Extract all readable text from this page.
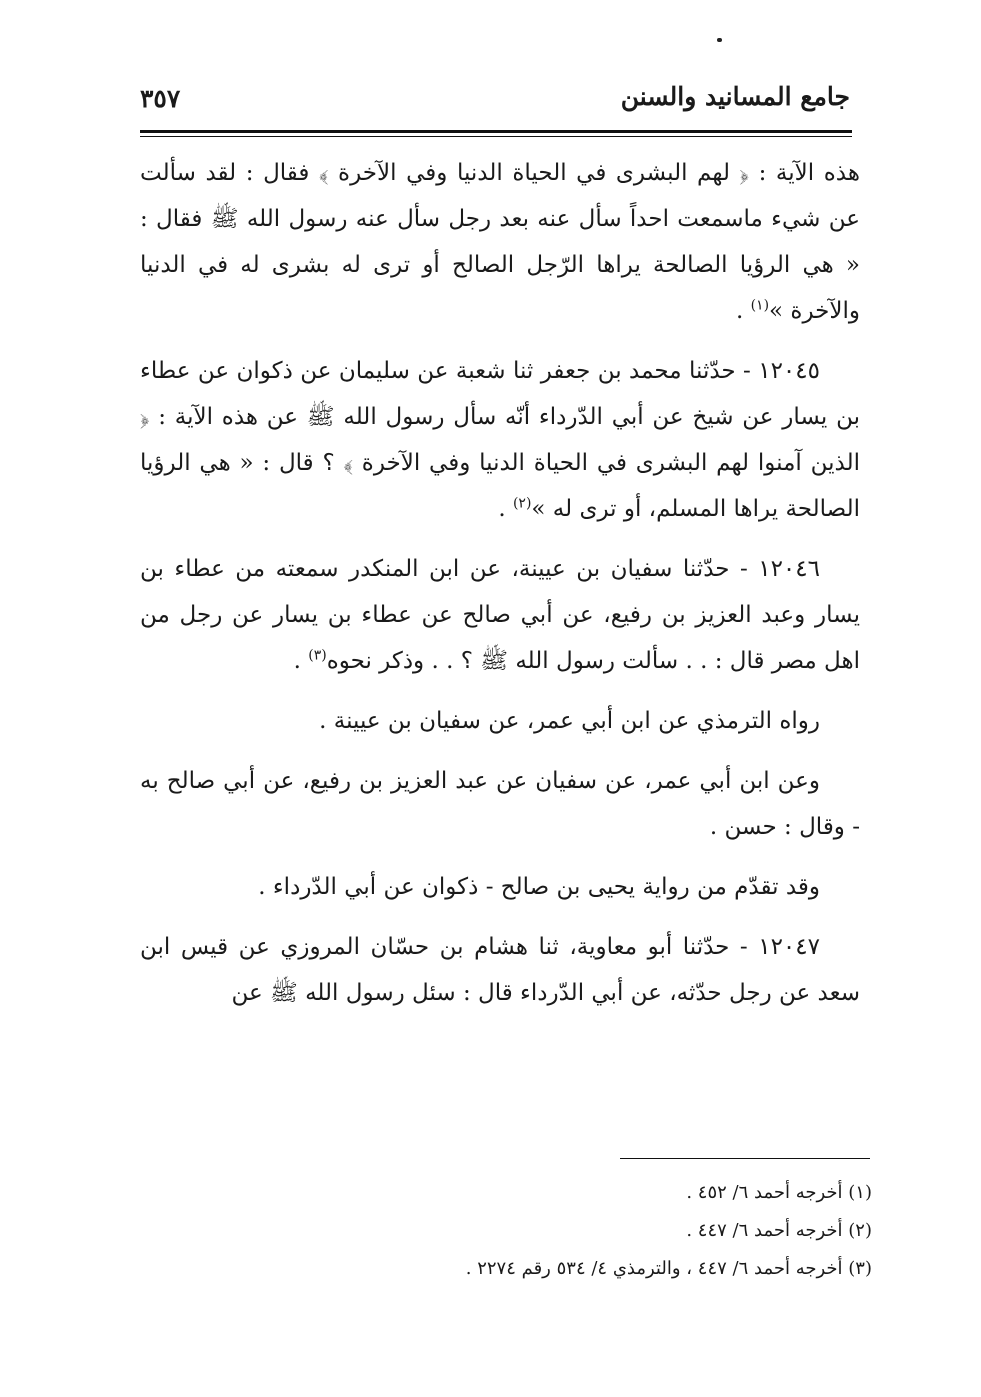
جامع المسانيد والسنن
٣٥٧

هذه الآية : ﴿ لهم البشرى في الحياة الدنيا وفي الآخرة ﴾ فقال : لقد سألت عن شيء ماسمعت احداً سأل عنه بعد رجل سأل عنه رسول الله ﷺ فقال : « هي الرؤيا الصالحة يراها الرّجل الصالح أو ترى له بشرى له في الدنيا والآخرة »$^{(١)}$ .

١٢٠٤٥ - حدّثنا محمد بن جعفر ثنا شعبة عن سليمان عن ذكوان عن عطاء بن يسار عن شيخ عن أبي الدّرداء أنّه سأل رسول الله ﷺ عن هذه الآية : ﴿ الذين آمنوا لهم البشرى في الحياة الدنيا وفي الآخرة ﴾ ؟ قال : « هي الرؤيا الصالحة يراها المسلم، أو ترى له »$^{(٢)}$ .

١٢٠٤٦ - حدّثنا سفيان بن عيينة، عن ابن المنكدر سمعته من عطاء بن يسار وعبد العزيز بن رفيع، عن أبي صالح عن عطاء بن يسار عن رجل من اهل مصر قال : . . سألت رسول الله ﷺ ؟ . . وذكر نحوه$^{(٣)}$ .

رواه الترمذي عن ابن أبي عمر، عن سفيان بن عيينة .

وعن ابن أبي عمر، عن سفيان عن عبد العزيز بن رفيع، عن أبي صالح به - وقال : حسن .

وقد تقدّم من رواية يحيى بن صالح - ذكوان عن أبي الدّرداء .

١٢٠٤٧ - حدّثنا أبو معاوية، ثنا هشام بن حسّان المروزي عن قيس ابن سعد عن رجل حدّثه، عن أبي الدّرداء قال : سئل رسول الله ﷺ عن

(١) أخرجه أحمد ٦/ ٤٥٢ .

(٢) أخرجه أحمد ٦/ ٤٤٧ .

(٣) أخرجه أحمد ٦/ ٤٤٧ ، والترمذي ٤/ ٥٣٤ رقم ٢٢٧٤ .
